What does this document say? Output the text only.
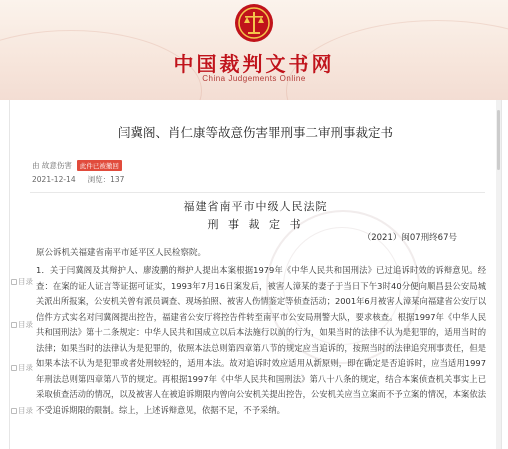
中国裁判文书网
China Judgements Online
闫冀阁、肖仁康等故意伤害罪刑事二审刑事裁定书
由 故意伤害	此件已被撤回
2021-12-14 浏览：137
福建省南平市中级人民法院
刑 事 裁 定 书
（2021）闽07刑终67号
原公诉机关福建省南平市延平区人民检察院。
目录
目录
目录
目录

1．关于闫冀阁及其辩护人、廖浚鹏的辩护人提出本案根据1979年《中华人民共和国刑法》已过追诉时效的诉辩意见。经查：在案的证人证言等证据可证实，1993年7月16日案发后，被害人漳某的妻子于当日下午3时40分便向顺昌县公安局城关派出所报案，公安机关曾有派员调查、现场拍照、被害人伤情鉴定等侦查活动；2001年6月被害人漳某向福建省公安厅以信件方式实名对闫冀阁提出控告，福建省公安厅将控告件转至南平市公安局刑警大队，要求核查。根据1997年《中华人民共和国刑法》第十二条规定：中华人民共和国成立以后本法施行以前的行为，如果当时的法律不认为是犯罪的，适用当时的法律；如果当时的法律认为是犯罪的，依照本法总则第四章第八节的规定应当追诉的，按照当时的法律追究刑事责任，但是如果本法不认为是犯罪或者处刑较轻的，适用本法。故对追诉时效应适用从新原则，即在确定是否追诉时，应当适用1997年刑法总则第四章第八节的规定。再根据1997年《中华人民共和国刑法》第八十八条的规定，结合本案侦查机关事实上已采取侦查活动的情况，以及被害人在被追诉期限内曾向公安机关提出控告，公安机关应当立案而不予立案的情况，本案依法不受追诉期限的限制。综上，上述诉辩意见，依据不足，不予采纳。
